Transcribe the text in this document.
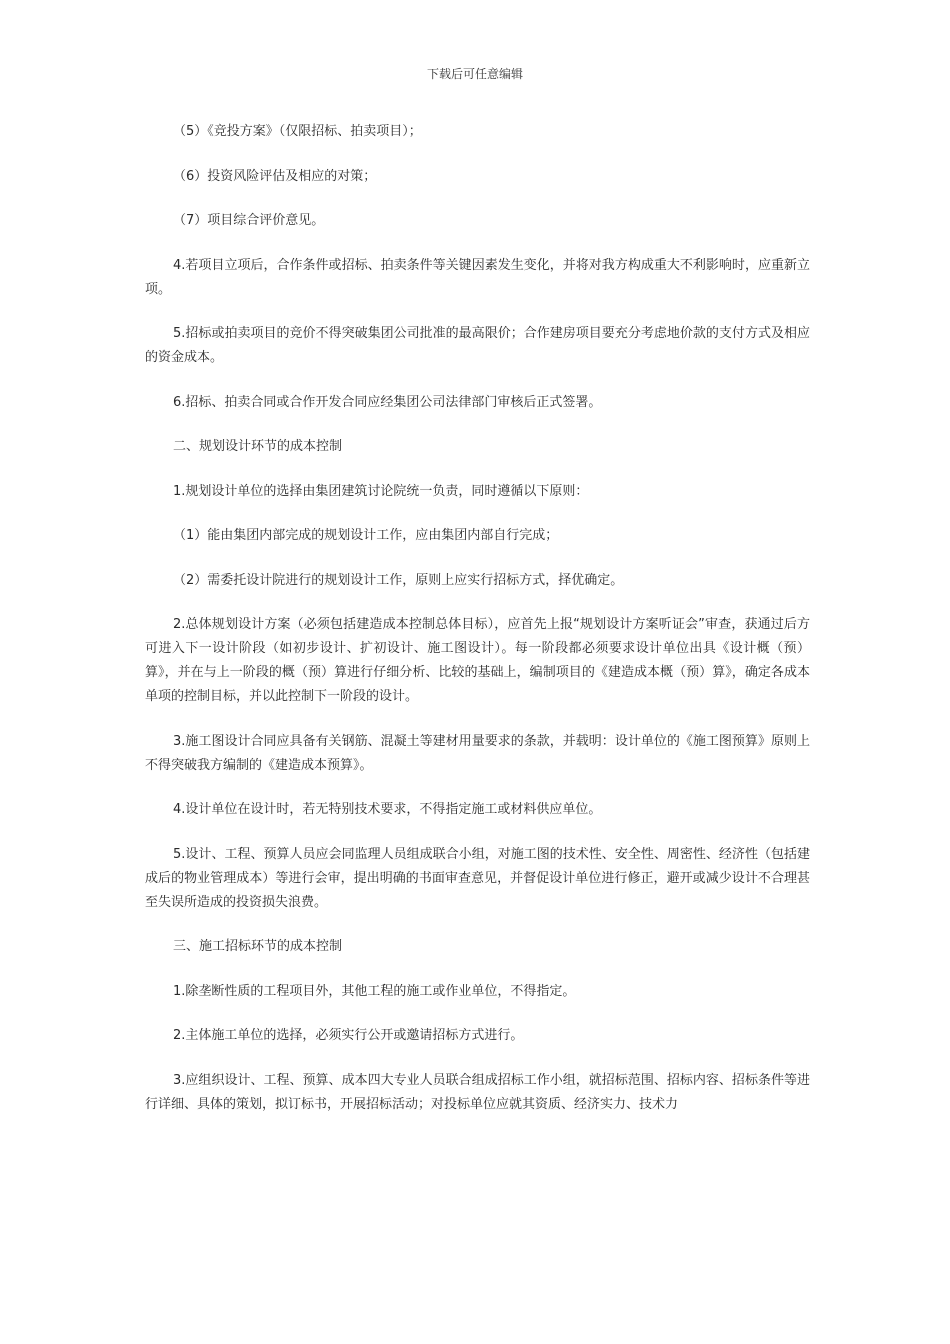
下载后可任意编辑

（5）《竞投方案》（仅限招标、拍卖项目）；

（6）投资风险评估及相应的对策；

（7）项目综合评价意见。

4.若项目立项后，合作条件或招标、拍卖条件等关键因素发生变化，并将对我方构成重大不利影响时，应重新立项。

5.招标或拍卖项目的竞价不得突破集团公司批准的最高限价；合作建房项目要充分考虑地价款的支付方式及相应的资金成本。

6.招标、拍卖合同或合作开发合同应经集团公司法律部门审核后正式签署。

二、规划设计环节的成本控制

1.规划设计单位的选择由集团建筑讨论院统一负责，同时遵循以下原则：

（1）能由集团内部完成的规划设计工作，应由集团内部自行完成；

（2）需委托设计院进行的规划设计工作，原则上应实行招标方式，择优确定。

2.总体规划设计方案（必须包括建造成本控制总体目标），应首先上报“规划设计方案听证会”审查，获通过后方可进入下一设计阶段（如初步设计、扩初设计、施工图设计）。每一阶段都必须要求设计单位出具《设计概（预）算》，并在与上一阶段的概（预）算进行仔细分析、比较的基础上，编制项目的《建造成本概（预）算》，确定各成本单项的控制目标，并以此控制下一阶段的设计。

3.施工图设计合同应具备有关钢筋、混凝土等建材用量要求的条款，并载明：设计单位的《施工图预算》原则上不得突破我方编制的《建造成本预算》。

4.设计单位在设计时，若无特别技术要求，不得指定施工或材料供应单位。

5.设计、工程、预算人员应会同监理人员组成联合小组，对施工图的技术性、安全性、周密性、经济性（包括建成后的物业管理成本）等进行会审，提出明确的书面审查意见，并督促设计单位进行修正，避开或减少设计不合理甚至失误所造成的投资损失浪费。

三、施工招标环节的成本控制

1.除垄断性质的工程项目外，其他工程的施工或作业单位，不得指定。

2.主体施工单位的选择，必须实行公开或邀请招标方式进行。

3.应组织设计、工程、预算、成本四大专业人员联合组成招标工作小组，就招标范围、招标内容、招标条件等进行详细、具体的策划，拟订标书，开展招标活动；对投标单位应就其资质、经济实力、技术力
